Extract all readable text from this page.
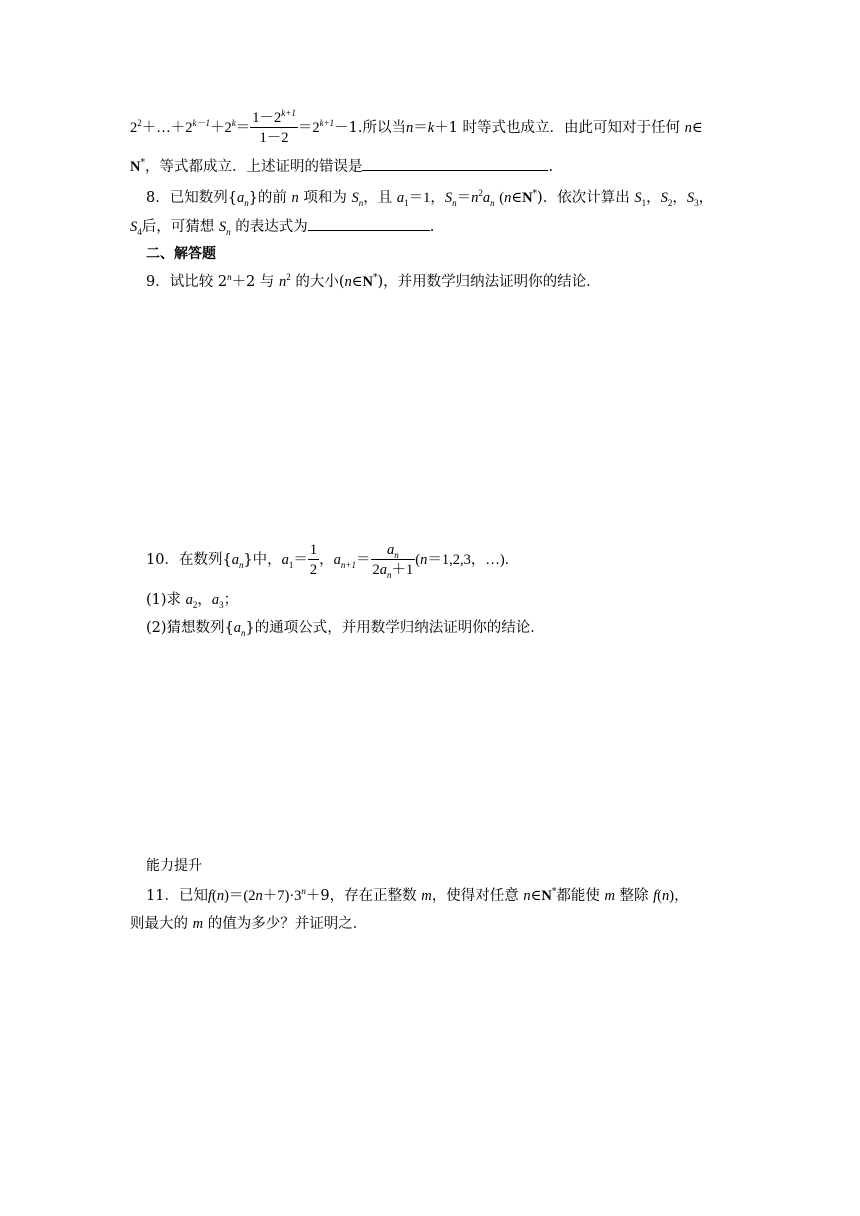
$2^2+\dots+2^{k-1}+2^k= \frac{1-2^{k+1}}{1-2} =2^{k+1}-1$.所以当n＝k＋1 时等式也成立．由此可知对于任何 n∈
N*，等式都成立．上述证明的错误是	.
8．已知数列$\{a_n\}$的前 n 项和为 $S_n$，且 $a_1=1$，$S_n=n^2a_n$ (n∈N*)．依次计算出 $S_1$，$S_2$，$S_3$，
$S_4$后，可猜想 $S_n$ 的表达式为	.
二、解答题
9．试比较 $2^n+2$ 与 $n^2$ 的大小(n∈N*)，并用数学归纳法证明你的结论．
10．在数列$\{a_n\}$中，$a_1= \frac{1}{2}$ ，$a_{n+1}= \frac{a_n}{2a_n+1} (n=1,2,3$，…)．
(1)求 $a_2$，$a_3$；
(2)猜想数列$\{a_n\}$的通项公式，并用数学归纳法证明你的结论．
能力提升
11．已知$f(n)=(2n+7)\cdot 3^n+9$，存在正整数 m，使得对任意 n∈N*都能使 m 整除 f(n)，
则最大的 m 的值为多少？并证明之．
